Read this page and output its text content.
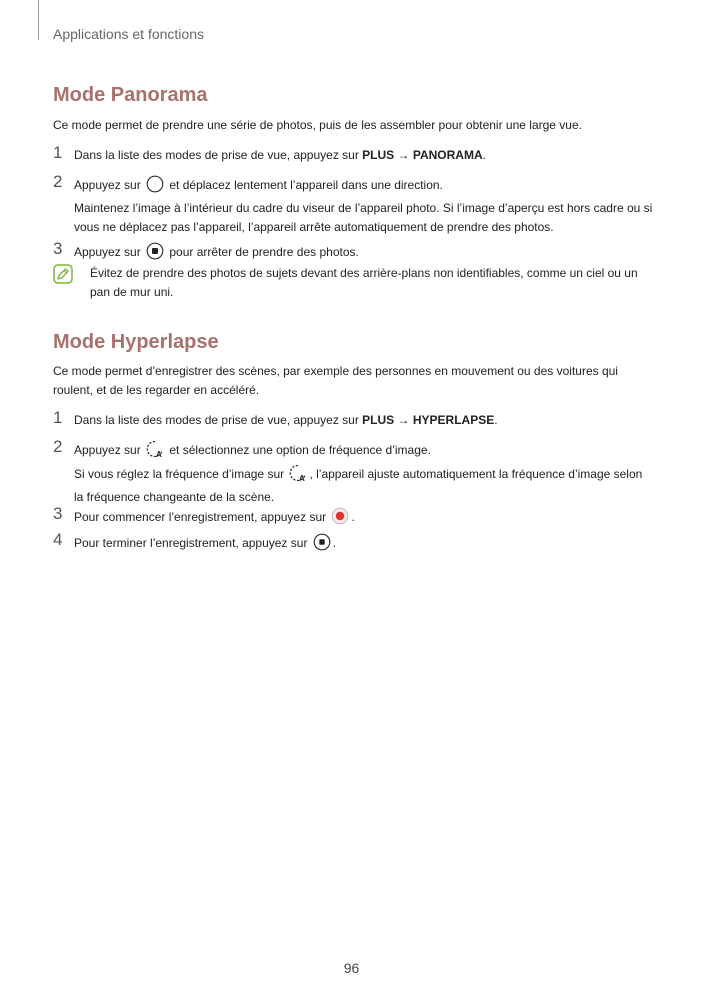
Applications et fonctions
Mode Panorama
Ce mode permet de prendre une série de photos, puis de les assembler pour obtenir une large vue.
1 Dans la liste des modes de prise de vue, appuyez sur PLUS → PANORAMA.
2 Appuyez sur  et déplacez lentement l’appareil dans une direction.
Maintenez l’image à l’intérieur du cadre du viseur de l’appareil photo. Si l’image d’aperçu est hors cadre ou si vous ne déplacez pas l’appareil, l’appareil arrête automatiquement de prendre des photos.
3 Appuyez sur  pour arrêter de prendre des photos.
Évitez de prendre des photos de sujets devant des arrière-plans non identifiables, comme un ciel ou un pan de mur uni.
Mode Hyperlapse
Ce mode permet d’enregistrer des scènes, par exemple des personnes en mouvement ou des voitures qui roulent, et de les regarder en accéléré.
1 Dans la liste des modes de prise de vue, appuyez sur PLUS → HYPERLAPSE.
2 Appuyez sur A et sélectionnez une option de fréquence d’image.
Si vous réglez la fréquence d’image sur A , l’appareil ajuste automatiquement la fréquence d’image selon la fréquence changeante de la scène.
3 Pour commencer l’enregistrement, appuyez sur .
4 Pour terminer l’enregistrement, appuyez sur .
96
